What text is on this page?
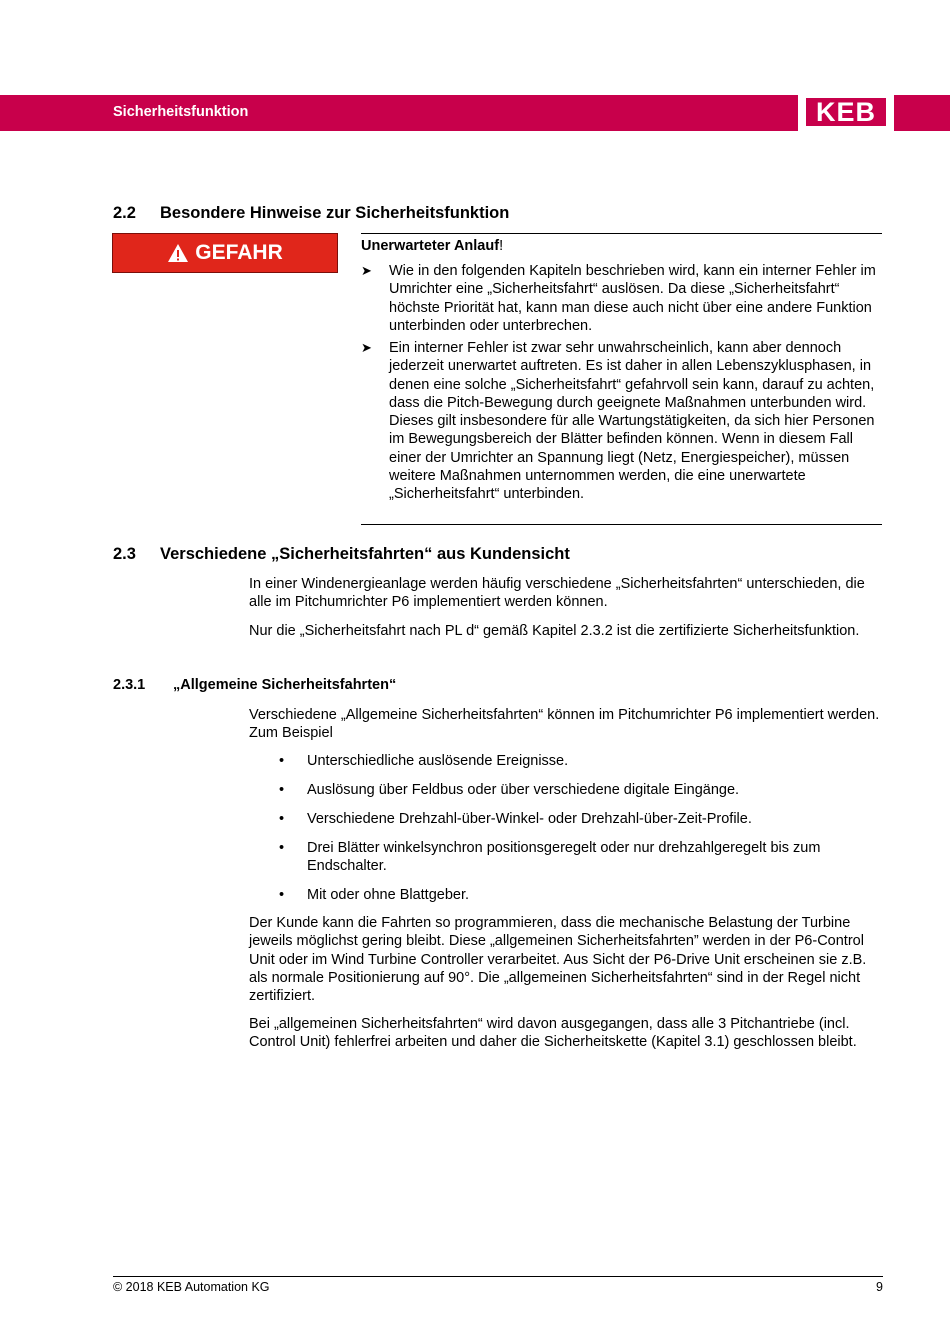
Sicherheitsfunktion	KEB
2.2 Besondere Hinweise zur Sicherheitsfunktion
GEFAHR	Unerwarteter Anlauf!
➤ Wie in den folgenden Kapiteln beschrieben wird, kann ein interner Fehler im Umrichter eine „Sicherheitsfahrt“ auslösen. Da diese „Sicherheitsfahrt“ höchste Priorität hat, kann man diese auch nicht über eine andere Funktion unterbinden oder unterbrechen.
➤ Ein interner Fehler ist zwar sehr unwahrscheinlich, kann aber dennoch jederzeit unerwartet auftreten. Es ist daher in allen Lebenszyklusphasen, in denen eine solche „Sicherheitsfahrt“ gefahrvoll sein kann, darauf zu achten, dass die Pitch-Bewegung durch geeignete Maßnahmen unterbunden wird. Dieses gilt insbesondere für alle Wartungstätigkeiten, da sich hier Personen im Bewegungsbereich der Blätter befinden können. Wenn in diesem Fall einer der Umrichter an Spannung liegt (Netz, Energiespeicher), müssen weitere Maßnahmen unternommen werden, die eine unerwartete „Sicherheitsfahrt“ unterbinden.
2.3 Verschiedene „Sicherheitsfahrten“ aus Kundensicht

In einer Windenergieanlage werden häufig verschiedene „Sicherheitsfahrten“ unterschieden, die alle im Pitchumrichter P6 implementiert werden können.

Nur die „Sicherheitsfahrt nach PL d“ gemäß Kapitel 2.3.2 ist die zertifizierte Sicherheitsfunktion.

2.3.1 „Allgemeine Sicherheitsfahrten“

Verschiedene „Allgemeine Sicherheitsfahrten“ können im Pitchumrichter P6 implementiert werden. Zum Beispiel

• Unterschiedliche auslösende Ereignisse.
• Auslösung über Feldbus oder über verschiedene digitale Eingänge.
• Verschiedene Drehzahl-über-Winkel- oder Drehzahl-über-Zeit-Profile.
• Drei Blätter winkelsynchron positionsgeregelt oder nur drehzahlgeregelt bis zum Endschalter.
• Mit oder ohne Blattgeber.

Der Kunde kann die Fahrten so programmieren, dass die mechanische Belastung der Turbine jeweils möglichst gering bleibt. Diese „allgemeinen Sicherheitsfahrten” werden in der P6-Control Unit oder im Wind Turbine Controller verarbeitet. Aus Sicht der P6-Drive Unit erscheinen sie z.B. als normale Positionierung auf 90°. Die „allgemeinen Sicherheitsfahrten“ sind in der Regel nicht zertifiziert.

Bei „allgemeinen Sicherheitsfahrten“ wird davon ausgegangen, dass alle 3 Pitchantriebe (incl. Control Unit) fehlerfrei arbeiten und daher die Sicherheitskette (Kapitel 3.1) geschlossen bleibt.

© 2018 KEB Automation KG	9
